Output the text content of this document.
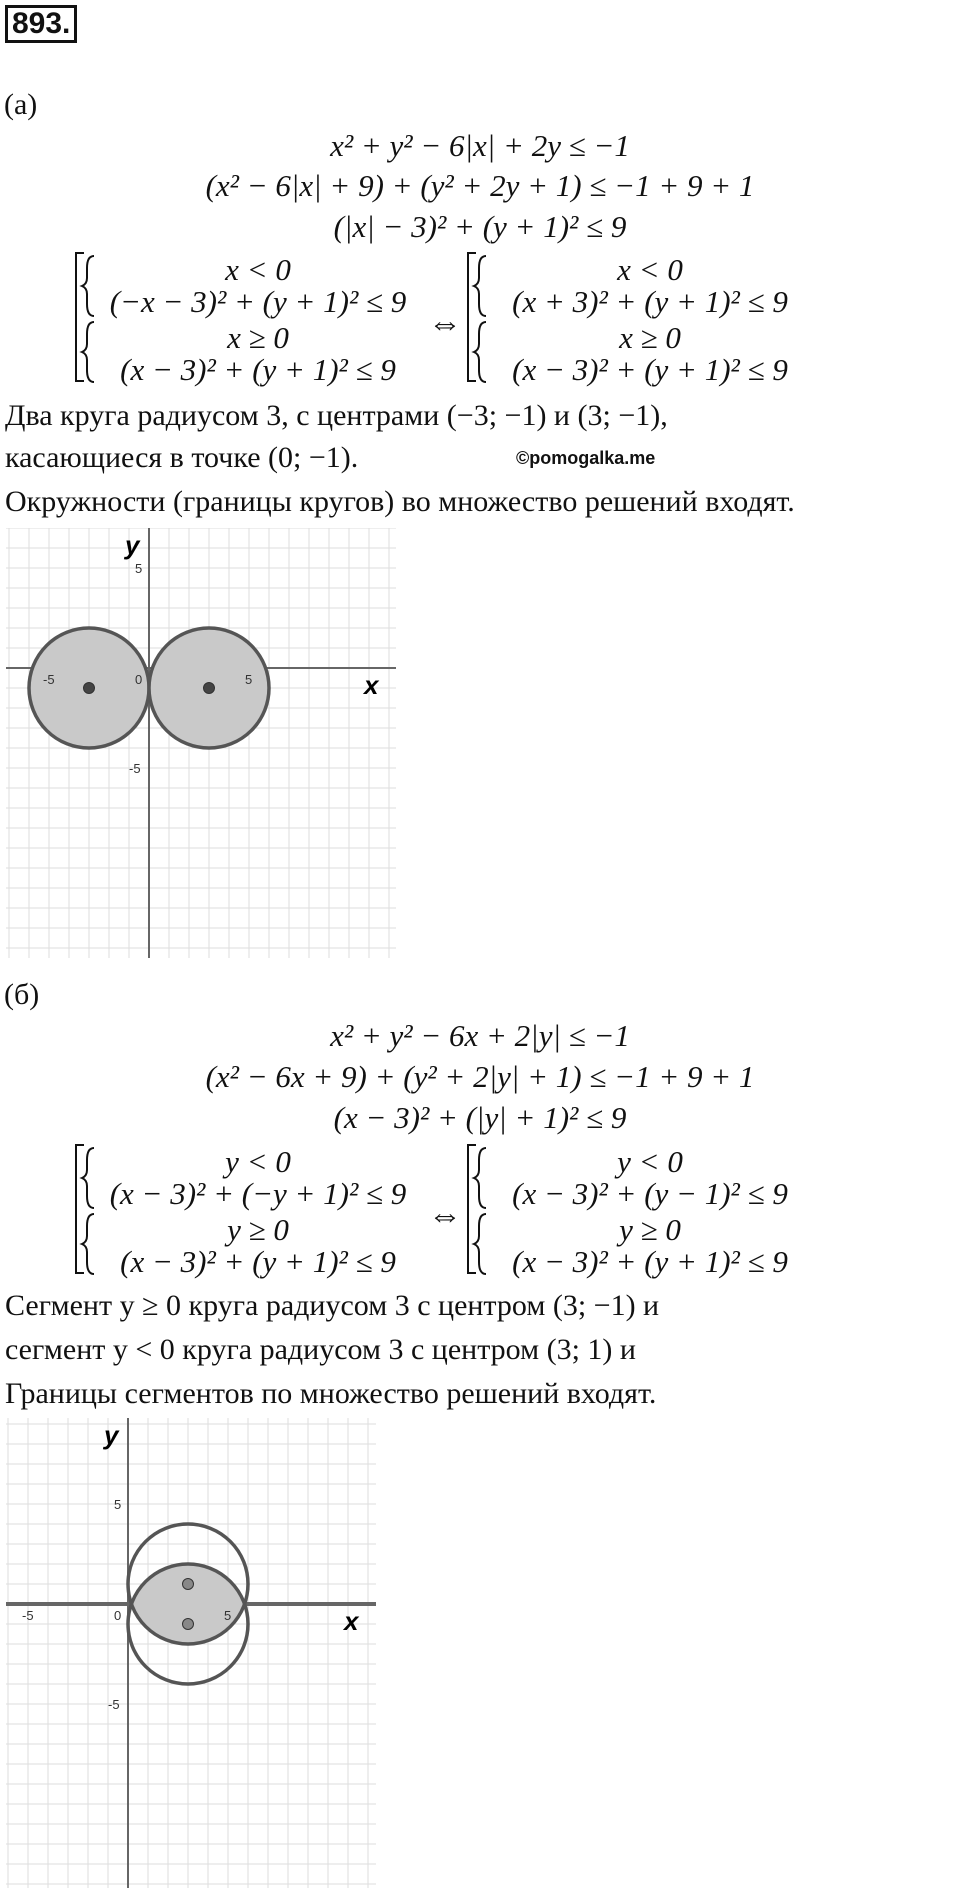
893.
(а)
x² + y² − 6|x| + 2y ≤ −1
(x² − 6|x| + 9) + (y² + 2y + 1) ≤ −1 + 9 + 1
(|x| − 3)² + (y + 1)² ≤ 9
x < 0
(−x − 3)² + (y + 1)² ≤ 9
x ≥ 0
(x − 3)² + (y + 1)² ≤ 9
⇔
x < 0
(x + 3)² + (y + 1)² ≤ 9
x ≥ 0
(x − 3)² + (y + 1)² ≤ 9
Два круга радиусом 3, с центрами (−3; −1) и (3; −1),
касающиеся в точке (0; −1).	©pomogalka.me
Окружности (границы кругов) во множество решений входят.
x
y
-5	0	5
5
-5
(б)
x² + y² − 6x + 2|y| ≤ −1
(x² − 6x + 9) + (y² + 2|y| + 1) ≤ −1 + 9 + 1
(x − 3)² + (|y| + 1)² ≤ 9
y < 0
(x − 3)² + (−y + 1)² ≤ 9
y ≥ 0
(x − 3)² + (y + 1)² ≤ 9
⇔
y < 0
(x − 3)² + (y − 1)² ≤ 9
y ≥ 0
(x − 3)² + (y + 1)² ≤ 9
Сегмент y ≥ 0 круга радиусом 3 с центром (3; −1) и
сегмент y < 0 круга радиусом 3 с центром (3; 1) и
Границы сегментов по множество решений входят.
x
y
-5	0	5
5
-5
